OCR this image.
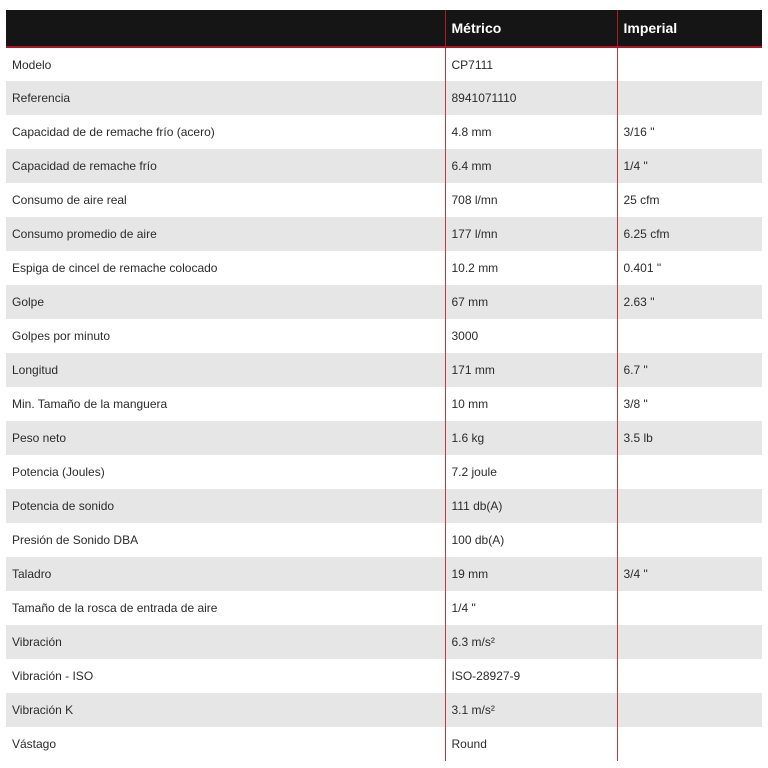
	Métrico	Imperial
Modelo	CP7111	
Referencia	8941071110	
Capacidad de de remache frío (acero)	4.8 mm	3/16 "
Capacidad de remache frío	6.4 mm	1/4 "
Consumo de aire real	708 l/mn	25 cfm
Consumo promedio de aire	177 l/mn	6.25 cfm
Espiga de cincel de remache colocado	10.2 mm	0.401 "
Golpe	67 mm	2.63 "
Golpes por minuto	3000	
Longitud	171 mm	6.7 "
Min. Tamaño de la manguera	10 mm	3/8 "
Peso neto	1.6 kg	3.5 lb
Potencia (Joules)	7.2 joule	
Potencia de sonido	111 db(A)	
Presión de Sonido DBA	100 db(A)	
Taladro	19 mm	3/4 "
Tamaño de la rosca de entrada de aire	1/4 "	
Vibración	6.3 m/s²	
Vibración - ISO	ISO-28927-9	
Vibración K	3.1 m/s²	
Vástago	Round	
